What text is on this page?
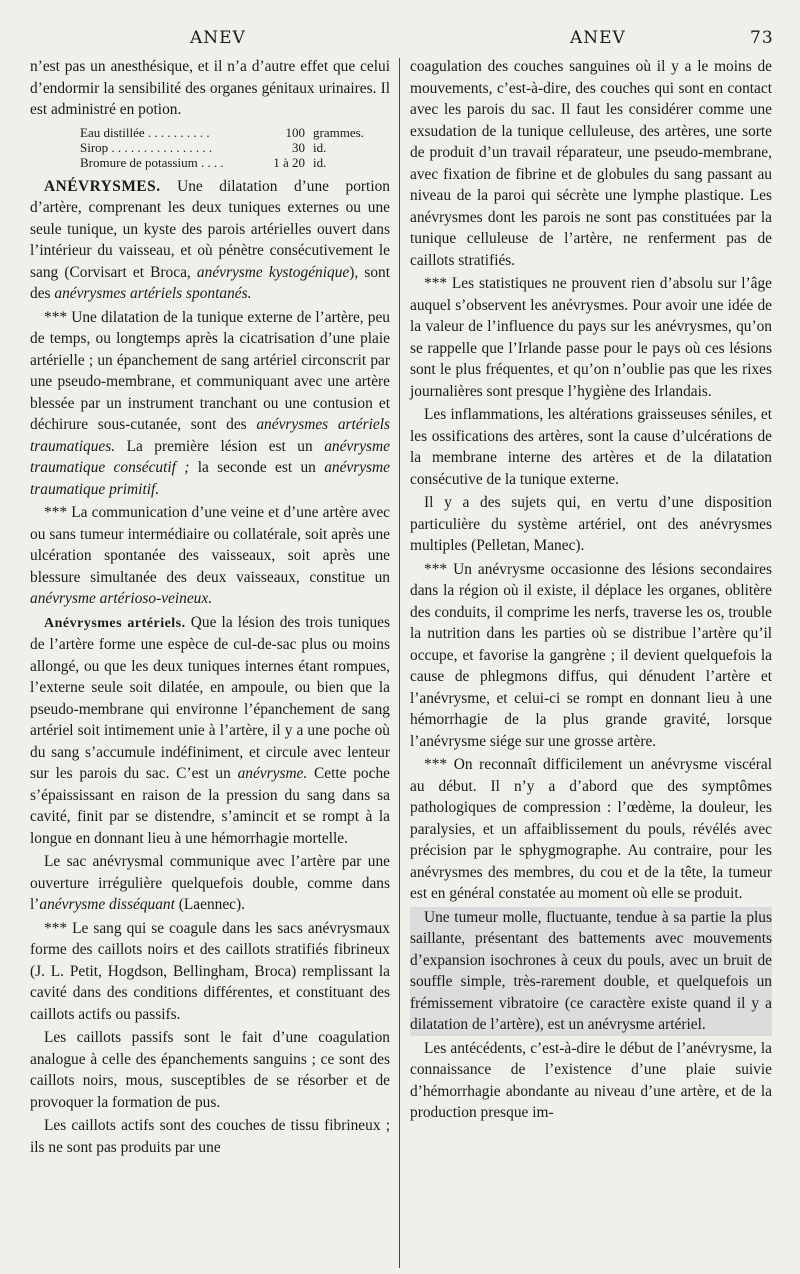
ANEV	ANEV	73

n’est pas un anesthésique, et il n’a d’autre effet que celui d’endormir la sensibilité des organes génitaux urinaires. Il est administré en potion.

Eau distillée . . . . . . . . . .	100 grammes.
Sirop . . . . . . . . . . . . . . . .	30 id.
Bromure de potassium . . . .	1 à 20 id.

ANÉVRYSMES. Une dilatation d’une portion d’artère, comprenant les deux tuniques externes ou une seule tunique, un kyste des parois artérielles ouvert dans l’intérieur du vaisseau, et où pénètre consécutivement le sang (Corvisart et Broca, anévrysme kystogénique), sont des anévrysmes artériels spontanés.

*** Une dilatation de la tunique externe de l’artère, peu de temps, ou longtemps après la cicatrisation d’une plaie artérielle ; un épanchement de sang artériel circonscrit par une pseudo-membrane, et communiquant avec une artère blessée par un instrument tranchant ou une contusion et déchirure sous-cutanée, sont des anévrysmes artériels traumatiques. La première lésion est un anévrysme traumatique consécutif ; la seconde est un anévrysme traumatique primitif.

*** La communication d’une veine et d’une artère avec ou sans tumeur intermédiaire ou collatérale, soit après une ulcération spontanée des vaisseaux, soit après une blessure simultanée des deux vaisseaux, constitue un anévrysme artérioso-veineux.

Anévrysmes artériels. Que la lésion des trois tuniques de l’artère forme une espèce de cul-de-sac plus ou moins allongé, ou que les deux tuniques internes étant rompues, l’externe seule soit dilatée, en ampoule, ou bien que la pseudo-membrane qui environne l’épanchement de sang artériel soit intimement unie à l’artère, il y a une poche où du sang s’accumule indéfiniment, et circule avec lenteur sur les parois du sac. C’est un anévrysme. Cette poche s’épaississant en raison de la pression du sang dans sa cavité, finit par se distendre, s’amincit et se rompt à la longue en donnant lieu à une hémorrhagie mortelle.

Le sac anévrysmal communique avec l’artère par une ouverture irrégulière quelquefois double, comme dans l’anévrysme disséquant (Laennec).

*** Le sang qui se coagule dans les sacs anévrysmaux forme des caillots noirs et des caillots stratifiés fibrineux (J. L. Petit, Hogdson, Bellingham, Broca) remplissant la cavité dans des conditions différentes, et constituant des caillots actifs ou passifs.

Les caillots passifs sont le fait d’une coagulation analogue à celle des épanchements sanguins ; ce sont des caillots noirs, mous, susceptibles de se résorber et de provoquer la formation de pus.

Les caillots actifs sont des couches de tissu fibrineux ; ils ne sont pas produits par une

coagulation des couches sanguines où il y a le moins de mouvements, c’est-à-dire, des couches qui sont en contact avec les parois du sac. Il faut les considérer comme une exsudation de la tunique celluleuse, des artères, une sorte de produit d’un travail réparateur, une pseudo-membrane, avec fixation de fibrine et de globules du sang passant au niveau de la paroi qui sécrète une lymphe plastique. Les anévrysmes dont les parois ne sont pas constituées par la tunique celluleuse de l’artère, ne renferment pas de caillots stratifiés.

*** Les statistiques ne prouvent rien d’absolu sur l’âge auquel s’observent les anévrysmes. Pour avoir une idée de la valeur de l’influence du pays sur les anévrysmes, qu’on se rappelle que l’Irlande passe pour le pays où ces lésions sont le plus fréquentes, et qu’on n’oublie pas que les rixes journalières sont presque l’hygiène des Irlandais.

Les inflammations, les altérations graisseuses séniles, et les ossifications des artères, sont la cause d’ulcérations de la membrane interne des artères et de la dilatation consécutive de la tunique externe.

Il y a des sujets qui, en vertu d’une disposition particulière du système artériel, ont des anévrysmes multiples (Pelletan, Manec).

*** Un anévrysme occasionne des lésions secondaires dans la région où il existe, il déplace les organes, oblitère des conduits, il comprime les nerfs, traverse les os, trouble la nutrition dans les parties où se distribue l’artère qu’il occupe, et favorise la gangrène ; il devient quelquefois la cause de phlegmons diffus, qui dénudent l’artère et l’anévrysme, et celui-ci se rompt en donnant lieu à une hémorrhagie de la plus grande gravité, lorsque l’anévrysme siége sur une grosse artère.

*** On reconnaît difficilement un anévrysme viscéral au début. Il n’y a d’abord que des symptômes pathologiques de compression : l’œdème, la douleur, les paralysies, et un affaiblissement du pouls, révélés avec précision par le sphygmographe. Au contraire, pour les anévrysmes des membres, du cou et de la tête, la tumeur est en général constatée au moment où elle se produit.

Une tumeur molle, fluctuante, tendue à sa partie la plus saillante, présentant des battements avec mouvements d’expansion isochrones à ceux du pouls, avec un bruit de souffle simple, très-rarement double, et quelquefois un frémissement vibratoire (ce caractère existe quand il y a dilatation de l’artère), est un anévrysme artériel.

Les antécédents, c’est-à-dire le début de l’anévrysme, la connaissance de l’existence d’une plaie suivie d’hémorrhagie abondante au niveau d’une artère, et de la production presque im-
